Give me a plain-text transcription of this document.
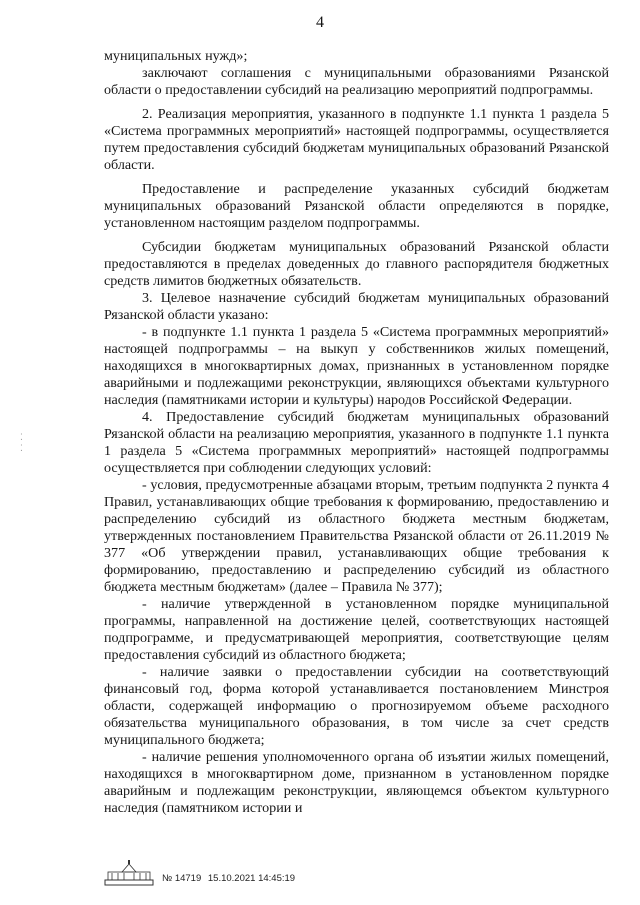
4

муниципальных нужд»;

заключают соглашения с муниципальными образованиями Рязанской области о предоставлении субсидий на реализацию мероприятий подпрограммы.

2. Реализация мероприятия, указанного в подпункте 1.1 пункта 1 раздела 5 «Система программных мероприятий» настоящей подпрограммы, осуществляется путем предоставления субсидий бюджетам муниципальных образований Рязанской области.

Предоставление и распределение указанных субсидий бюджетам муниципальных образований Рязанской области определяются в порядке, установленном настоящим разделом подпрограммы.

Субсидии бюджетам муниципальных образований Рязанской области предоставляются в пределах доведенных до главного распорядителя бюджетных средств лимитов бюджетных обязательств.

3. Целевое назначение субсидий бюджетам муниципальных образований Рязанской области указано:

- в подпункте 1.1 пункта 1 раздела 5 «Система программных мероприятий» настоящей подпрограммы – на выкуп у собственников жилых помещений, находящихся в многоквартирных домах, признанных в установленном порядке аварийными и подлежащими реконструкции, являющихся объектами культурного наследия (памятниками истории и культуры) народов Российской Федерации.

4. Предоставление субсидий бюджетам муниципальных образований Рязанской области на реализацию мероприятия, указанного в подпункте 1.1 пункта 1 раздела 5 «Система программных мероприятий» настоящей подпрограммы осуществляется при соблюдении следующих условий:

- условия, предусмотренные абзацами вторым, третьим подпункта 2 пункта 4 Правил, устанавливающих общие требования к формированию, предоставлению и распределению субсидий из областного бюджета местным бюджетам, утвержденных постановлением Правительства Рязанской области от 26.11.2019 № 377 «Об утверждении правил, устанавливающих общие требования к формированию, предоставлению и распределению субсидий из областного бюджета местным бюджетам» (далее – Правила № 377);

- наличие утвержденной в установленном порядке муниципальной программы, направленной на достижение целей, соответствующих настоящей подпрограмме, и предусматривающей мероприятия, соответствующие целям предоставления субсидий из областного бюджета;

- наличие заявки о предоставлении субсидии на соответствующий финансовый год, форма которой устанавливается постановлением Минстроя области, содержащей информацию о прогнозируемом объеме расходного обязательства муниципального образования, в том числе за счет средств муниципального бюджета;

- наличие решения уполномоченного органа об изъятии жилых помещений, находящихся в многоквартирном доме, признанном в установленном порядке аварийным и подлежащим реконструкции, являющемся объектом культурного наследия (памятником истории и

⁚
⁚
№ 14719 15.10.2021 14:45:19
